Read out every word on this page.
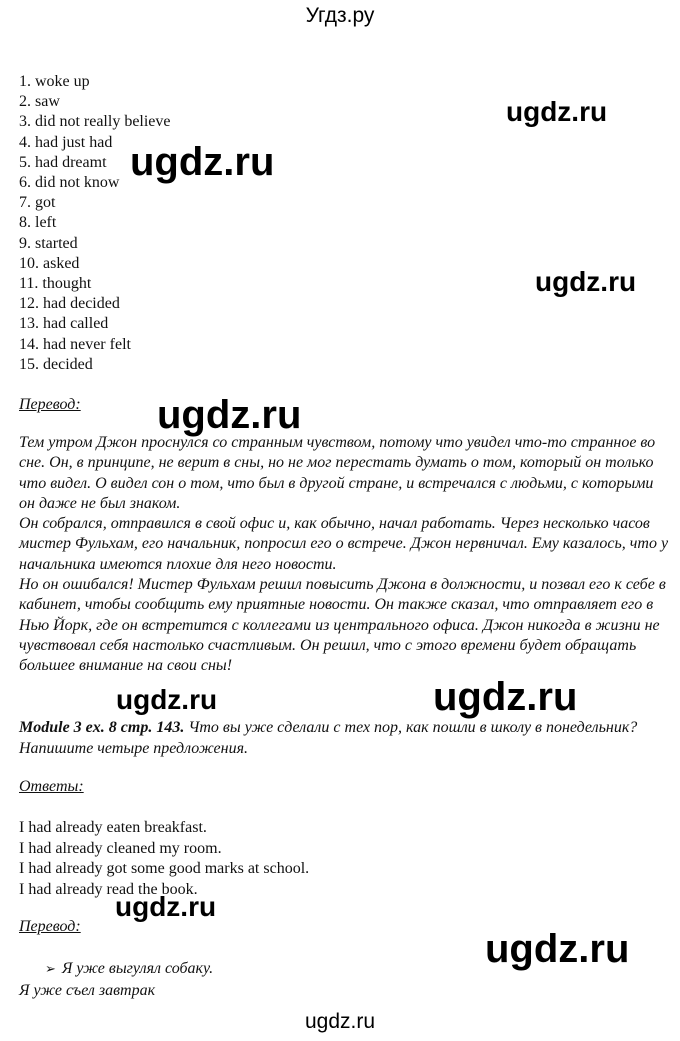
Угдз.ру
1. woke up
2. saw
3. did not really believe
4. had just had
5. had dreamt
6. did not know
7. got
8. left
9. started
10. asked
11. thought
12. had decided
13. had called
14. had never felt
15. decided
ugdz.ru
ugdz.ru
ugdz.ru
ugdz.ru
ugdz.ru	ugdz.ru
ugdz.ru
ugdz.ru
Перевод:

Тем утром Джон проснулся со странным чувством, потому что увидел что-то странное во сне. Он, в принципе, не верит в сны, но не мог перестать думать о том, который он только что видел. О видел сон о том, что был в другой стране, и встречался с людьми, с которыми он даже не был знаком.

Он собрался, отправился в свой офис и, как обычно, начал работать. Через несколько часов мистер Фульхам, его начальник, попросил его о встрече. Джон нервничал. Ему казалось, что у начальника имеются плохие для него новости.

Но он ошибался! Мистер Фульхам решил повысить Джона в должности, и позвал его к себе в кабинет, чтобы сообщить ему приятные новости. Он также сказал, что отправляет его в Нью Йорк, где он встретится с коллегами из центрального офиса. Джон никогда в жизни не чувствовал себя настолько счастливым. Он решил, что с этого времени будет обращать большее внимание на свои сны!

Module 3 ex. 8 стр. 143. Что вы уже сделали с тех пор, как пошли в школу в понедельник? Напишите четыре предложения.
Ответы:
I had already eaten breakfast.
I had already cleaned my room.
I had already got some good marks at school.
I had already read the book.
Перевод:
➢ Я уже выгулял собаку.
Я уже съел завтрак
ugdz.ru
